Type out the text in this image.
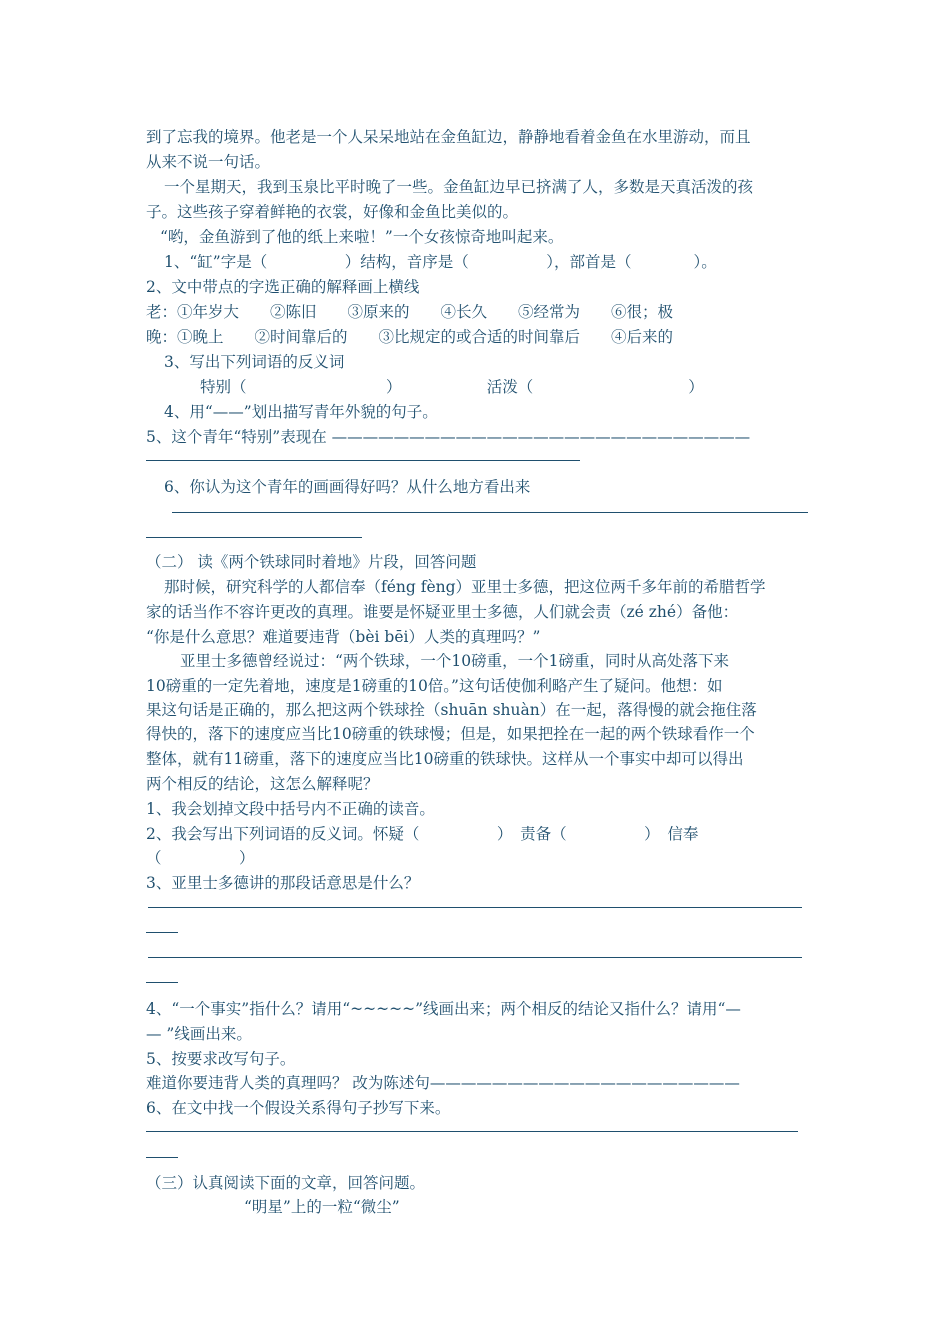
到了忘我的境界。他老是一个人呆呆地站在金鱼缸边，静静地看着金鱼在水里游动，而且
从来不说一句话。
一个星期天，我到玉泉比平时晚了一些。金鱼缸边早已挤满了人，多数是天真活泼的孩
子。这些孩子穿着鲜艳的衣裳，好像和金鱼比美似的。
“哟，金鱼游到了他的纸上来啦！”一个女孩惊奇地叫起来。
1、“缸”字是（　　　　　）结构，音序是（　　　　　），部首是（　　　　）。
2、文中带点的字选正确的解释画上横线
老：①年岁大　　②陈旧　　③原来的　　④长久　　⑤经常为　　⑥很；极
晚：①晚上　　②时间靠后的　　③比规定的或合适的时间靠后　　④后来的
3、写出下列词语的反义词
特别（　　　　　　　　　）　　　　　　活泼（　　　　　　　　　　）
4、用“——”划出描写青年外貌的句子。
5、这个青年“特别”表现在 ———————————————————————————
6、你认为这个青年的画画得好吗？从什么地方看出来
（二） 读《两个铁球同时着地》片段，回答问题
那时候，研究科学的人都信奉（féng fèng）亚里士多德，把这位两千多年前的希腊哲学
家的话当作不容许更改的真理。谁要是怀疑亚里士多德，人们就会责（zé zhé）备他：
“你是什么意思？难道要违背（bèi bēi）人类的真理吗？”
亚里士多德曾经说过：“两个铁球，一个10磅重，一个1磅重，同时从高处落下来
10磅重的一定先着地，速度是1磅重的10倍。”这句话使伽利略产生了疑问。他想：如
果这句话是正确的，那么把这两个铁球拴（shuān shuàn）在一起，落得慢的就会拖住落
得快的，落下的速度应当比10磅重的铁球慢；但是，如果把拴在一起的两个铁球看作一个
整体，就有11磅重，落下的速度应当比10磅重的铁球快。这样从一个事实中却可以得出
两个相反的结论，这怎么解释呢？
1、我会划掉文段中括号内不正确的读音。
2、我会写出下列词语的反义词。怀疑（　　　　　）　责备（　　　　　）　信奉
（　　　　　）
3、亚里士多德讲的那段话意思是什么？
4、“一个事实”指什么？请用“~~~~~”线画出来；两个相反的结论又指什么？请用“—
— ”线画出来。
5、按要求改写句子。
难道你要违背人类的真理吗？ 改为陈述句————————————————————
6、在文中找一个假设关系得句子抄写下来。
（三）认真阅读下面的文章，回答问题。
“明星”上的一粒“微尘”
